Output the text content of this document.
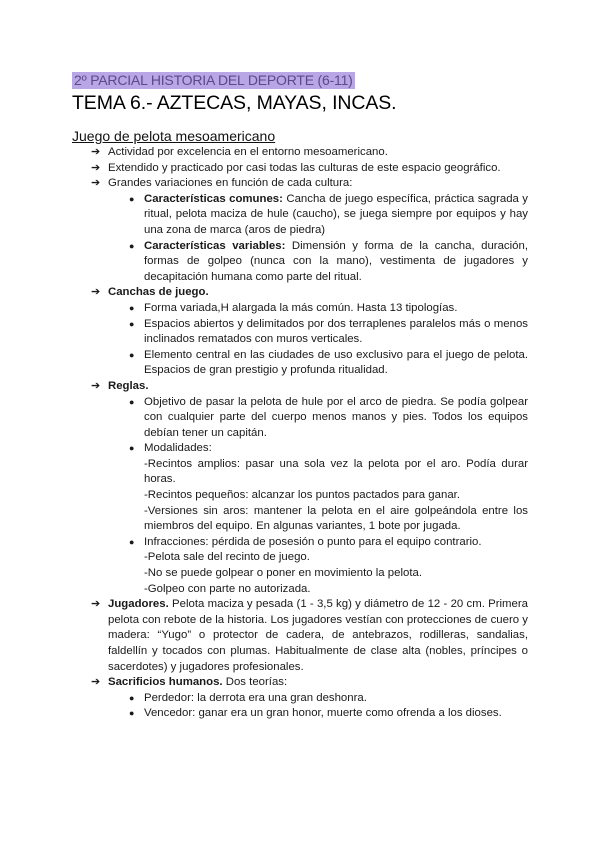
2º PARCIAL HISTORIA DEL DEPORTE (6-11)
TEMA 6.- AZTECAS, MAYAS, INCAS.
Juego de pelota mesoamericano
➔ Actividad por excelencia en el entorno mesoamericano.
➔ Extendido y practicado por casi todas las culturas de este espacio geográfico.
➔ Grandes variaciones en función de cada cultura:
● Características comunes: Cancha de juego específica, práctica sagrada y ritual, pelota maciza de hule (caucho), se juega siempre por equipos y hay una zona de marca (aros de piedra)
● Características variables: Dimensión y forma de la cancha, duración, formas de golpeo (nunca con la mano), vestimenta de jugadores y decapitación humana como parte del ritual.
➔ Canchas de juego.
● Forma variada,H alargada la más común. Hasta 13 tipologías.
● Espacios abiertos y delimitados por dos terraplenes paralelos más o menos inclinados rematados con muros verticales.
● Elemento central en las ciudades de uso exclusivo para el juego de pelota. Espacios de gran prestigio y profunda ritualidad.
➔ Reglas.
● Objetivo de pasar la pelota de hule por el arco de piedra. Se podía golpear con cualquier parte del cuerpo menos manos y pies. Todos los equipos debían tener un capitán.
● Modalidades:
-Recintos amplios: pasar una sola vez la pelota por el aro. Podía durar horas.
-Recintos pequeños: alcanzar los puntos pactados para ganar.
-Versiones sin aros: mantener la pelota en el aire golpeándola entre los miembros del equipo. En algunas variantes, 1 bote por jugada.
● Infracciones: pérdida de posesión o punto para el equipo contrario.
-Pelota sale del recinto de juego.
-No se puede golpear o poner en movimiento la pelota.
-Golpeo con parte no autorizada.
➔ Jugadores. Pelota maciza y pesada (1 - 3,5 kg) y diámetro de 12 - 20 cm. Primera pelota con rebote de la historia. Los jugadores vestían con protecciones de cuero y madera: “Yugo” o protector de cadera, de antebrazos, rodilleras, sandalias, faldellín y tocados con plumas. Habitualmente de clase alta (nobles, príncipes o sacerdotes) y jugadores profesionales.
➔ Sacrificios humanos. Dos teorías:
● Perdedor: la derrota era una gran deshonra.
● Vencedor: ganar era un gran honor, muerte como ofrenda a los dioses.
